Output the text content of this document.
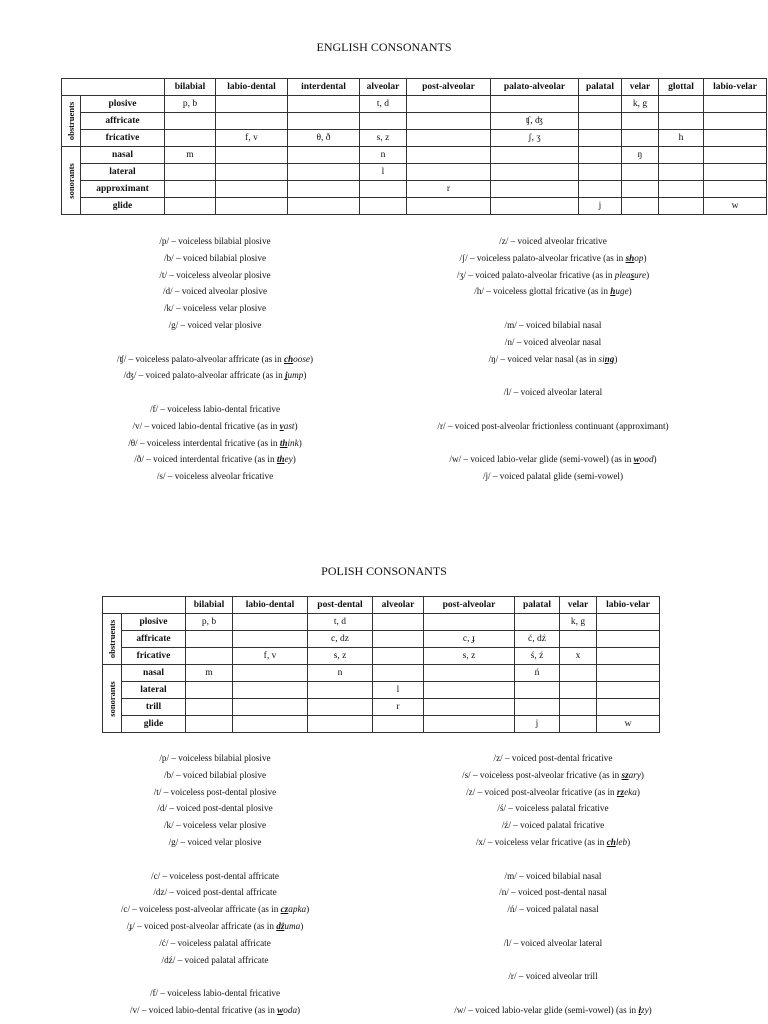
ENGLISH CONSONANTS
		bilabial	labio-dental	interdental	alveolar	post-alveolar	palato-alveolar	palatal	velar	glottal	labio-velar

obstruents	plosive	p, b			t, d				k, g		
	affricate						ʧ, ʤ				
	fricative		f, v	θ, ð	s, z		ʃ, ʒ			h	

sonorants	nasal	m			n				ŋ		
	lateral				l						
	approximant					r					
	glide							j			w
/p/ – voiceless bilabial plosive
/b/ – voiced bilabial plosive
/t/ – voiceless alveolar plosive
/d/ – voiced alveolar plosive
/k/ – voiceless velar plosive
/g/ – voiced velar plosive
/ʧ/ – voiceless palato-alveolar affricate (as in choose)
/ʤ/ – voiced palato-alveolar affricate (as in jump)
/f/ – voiceless labio-dental fricative
/v/ – voiced labio-dental fricative (as in vast)
/θ/ – voiceless interdental fricative (as in think)
/ð/ – voiced interdental fricative (as in they)
/s/ – voiceless alveolar fricative
/z/ – voiced alveolar fricative
/ʃ/ – voiceless palato-alveolar fricative (as in shop)
/ʒ/ – voiced palato-alveolar fricative (as in pleasure)
/h/ – voiceless glottal fricative (as in huge)
/m/ – voiced bilabial nasal
/n/ – voiced alveolar nasal
/ŋ/ – voiced velar nasal (as in sing)
/l/ – voiced alveolar lateral
/r/ – voiced post-alveolar frictionless continuant (approximant)
/w/ – voiced labio-velar glide (semi-vowel) (as in wood)
/j/ – voiced palatal glide (semi-vowel)
POLISH CONSONANTS
		bilabial	labio-dental	post-dental	alveolar	post-alveolar	palatal	velar	labio-velar

obstruents	plosive	p, b		t, d				k, g	
	affricate			c, dz		c, ɟ	ć, dź		
	fricative		f, v	s, z		s, z	ś, ź	x	

sonorants	nasal	m		n			ń		
	lateral				l				
	trill				r				
	glide						j		w
/p/ – voiceless bilabial plosive
/b/ – voiced bilabial plosive
/t/ – voiceless post-dental plosive
/d/ – voiced post-dental plosive
/k/ – voiceless velar plosive
/g/ – voiced velar plosive
/c/ – voiceless post-dental affricate
/dz/ – voiced post-dental affricate
/c/ – voiceless post-alveolar affricate (as in czapka)
/ɟ/ – voiced post-alveolar affricate (as in dżuma)
/ć/ – voiceless palatal affricate
/dź/ – voiced palatal affricate
/f/ – voiceless labio-dental fricative
/v/ – voiced labio-dental fricative (as in woda)
/z/ – voiced post-dental fricative
/s/ – voiceless post-alveolar fricative (as in szary)
/z/ – voiced post-alveolar fricative (as in rzeka)
/ś/ – voiceless palatal fricative
/ź/ – voiced palatal fricative
/x/ – voiceless velar fricative (as in chleb)
/m/ – voiced bilabial nasal
/n/ – voiced post-dental nasal
/ń/ – voiced palatal nasal
/l/ – voiced alveolar lateral
/r/ – voiced alveolar trill
/w/ – voiced labio-velar glide (semi-vowel) (as in łzy)
